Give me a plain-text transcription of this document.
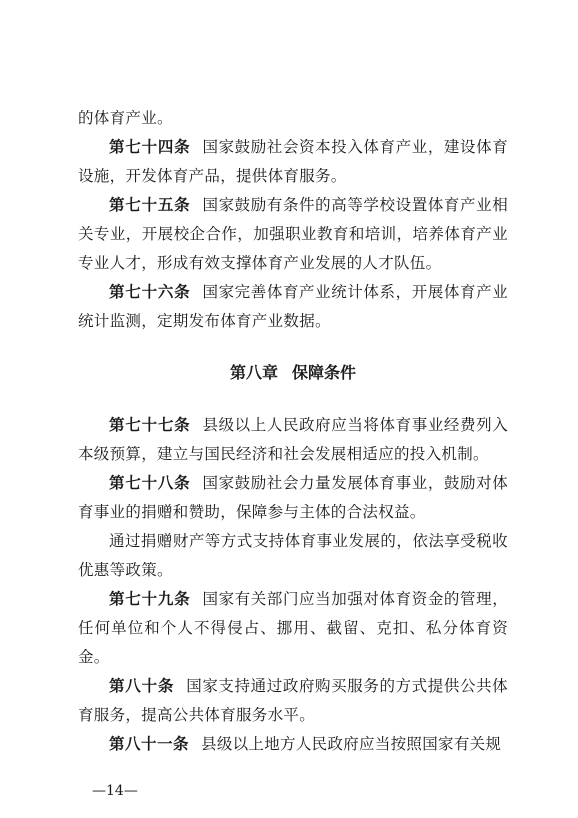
的体育产业。

第七十四条 国家鼓励社会资本投入体育产业，建设体育设施，开发体育产品，提供体育服务。

第七十五条 国家鼓励有条件的高等学校设置体育产业相关专业，开展校企合作，加强职业教育和培训，培养体育产业专业人才，形成有效支撑体育产业发展的人才队伍。

第七十六条 国家完善体育产业统计体系，开展体育产业统计监测，定期发布体育产业数据。

第八章 保障条件

第七十七条 县级以上人民政府应当将体育事业经费列入本级预算，建立与国民经济和社会发展相适应的投入机制。

第七十八条 国家鼓励社会力量发展体育事业，鼓励对体育事业的捐赠和赞助，保障参与主体的合法权益。

通过捐赠财产等方式支持体育事业发展的，依法享受税收优惠等政策。

第七十九条 国家有关部门应当加强对体育资金的管理，任何单位和个人不得侵占、挪用、截留、克扣、私分体育资金。

第八十条 国家支持通过政府购买服务的方式提供公共体育服务，提高公共体育服务水平。

第八十一条 县级以上地方人民政府应当按照国家有关规

—14—
